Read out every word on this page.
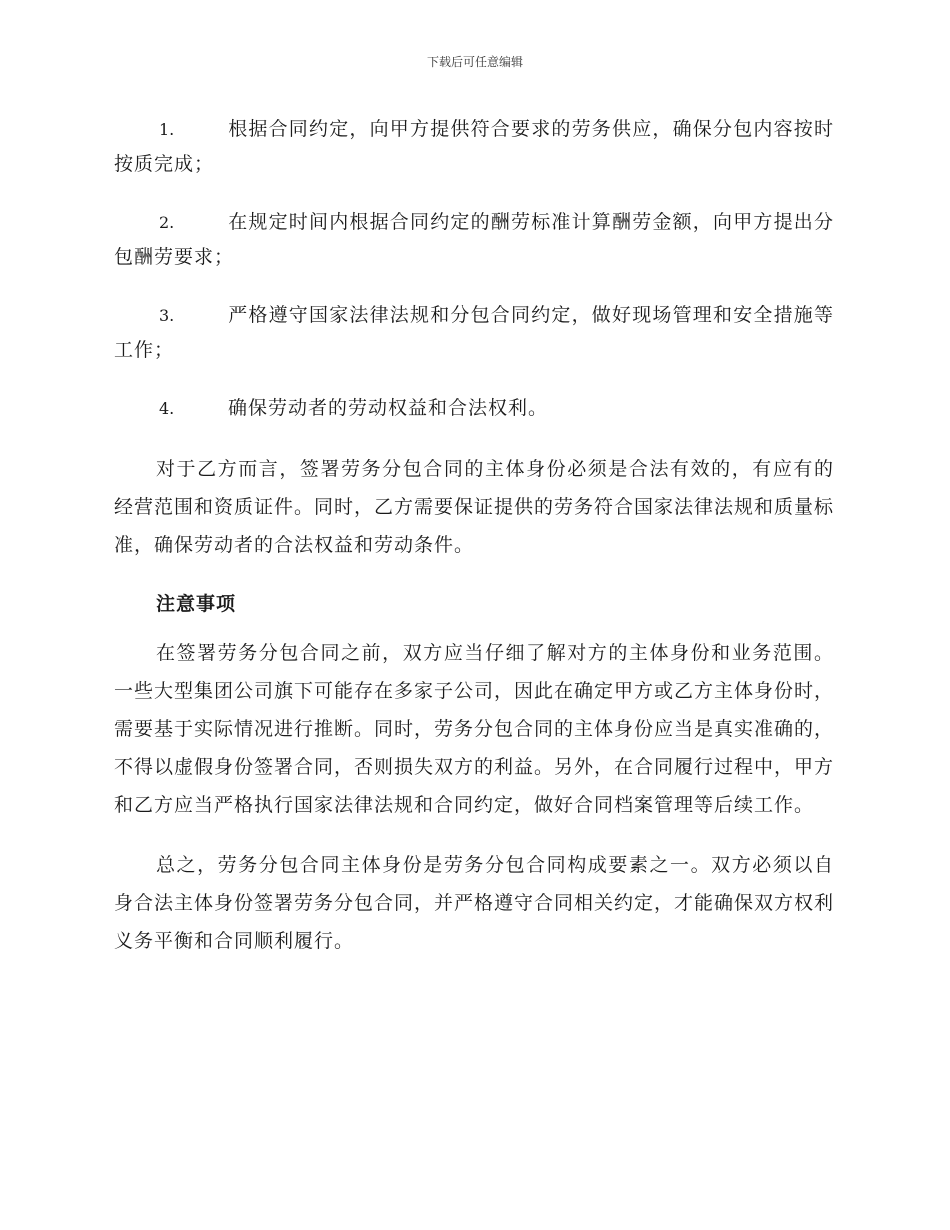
下载后可任意编辑
1.	根据合同约定，向甲方提供符合要求的劳务供应，确保分包内容按时按质完成；
2.	在规定时间内根据合同约定的酬劳标准计算酬劳金额，向甲方提出分包酬劳要求；
3.	严格遵守国家法律法规和分包合同约定，做好现场管理和安全措施等工作；
4.	确保劳动者的劳动权益和合法权利。

对于乙方而言，签署劳务分包合同的主体身份必须是合法有效的，有应有的经营范围和资质证件。同时，乙方需要保证提供的劳务符合国家法律法规和质量标准，确保劳动者的合法权益和劳动条件。

注意事项

在签署劳务分包合同之前，双方应当仔细了解对方的主体身份和业务范围。一些大型集团公司旗下可能存在多家子公司，因此在确定甲方或乙方主体身份时，需要基于实际情况进行推断。同时，劳务分包合同的主体身份应当是真实准确的，不得以虚假身份签署合同，否则损失双方的利益。另外，在合同履行过程中，甲方和乙方应当严格执行国家法律法规和合同约定，做好合同档案管理等后续工作。

总之，劳务分包合同主体身份是劳务分包合同构成要素之一。双方必须以自身合法主体身份签署劳务分包合同，并严格遵守合同相关约定，才能确保双方权利义务平衡和合同顺利履行。
